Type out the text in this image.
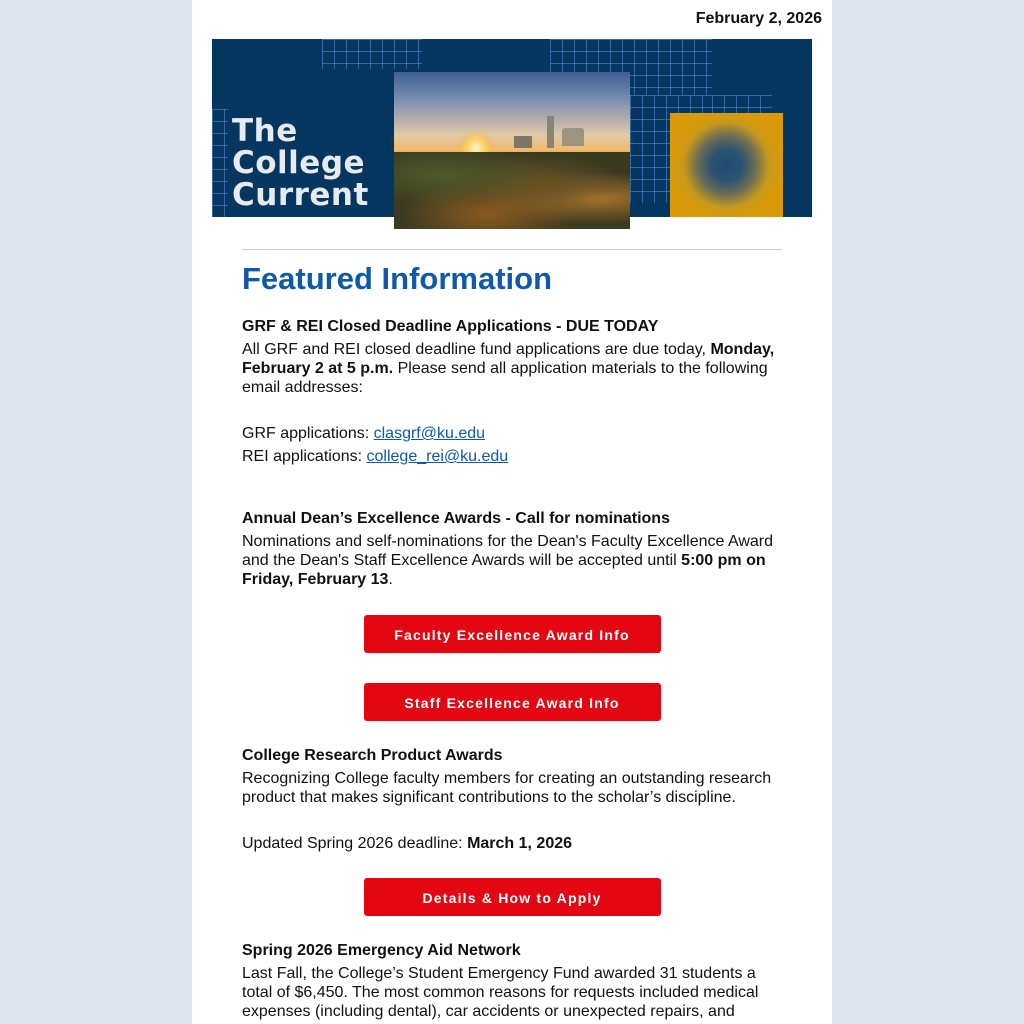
February 2, 2026
The
College
Current
Featured Information
GRF & REI Closed Deadline Applications - DUE TODAY

All GRF and REI closed deadline fund applications are due today, Monday, February 2 at 5 p.m. Please send all application materials to the following email addresses:

GRF applications: clasgrf@ku.edu

REI applications: college_rei@ku.edu

Annual Dean’s Excellence Awards - Call for nominations

Nominations and self-nominations for the Dean's Faculty Excellence Award and the Dean's Staff Excellence Awards will be accepted until 5:00 pm on Friday, February 13.

Faculty Excellence Award Info
Staff Excellence Award Info
College Research Product Awards

Recognizing College faculty members for creating an outstanding research product that makes significant contributions to the scholar’s discipline.

Updated Spring 2026 deadline: March 1, 2026

Details & How to Apply
Spring 2026 Emergency Aid Network

Last Fall, the College’s Student Emergency Fund awarded 31 students a total of $6,450. The most common reasons for requests included medical expenses (including dental), car accidents or unexpected repairs, and
